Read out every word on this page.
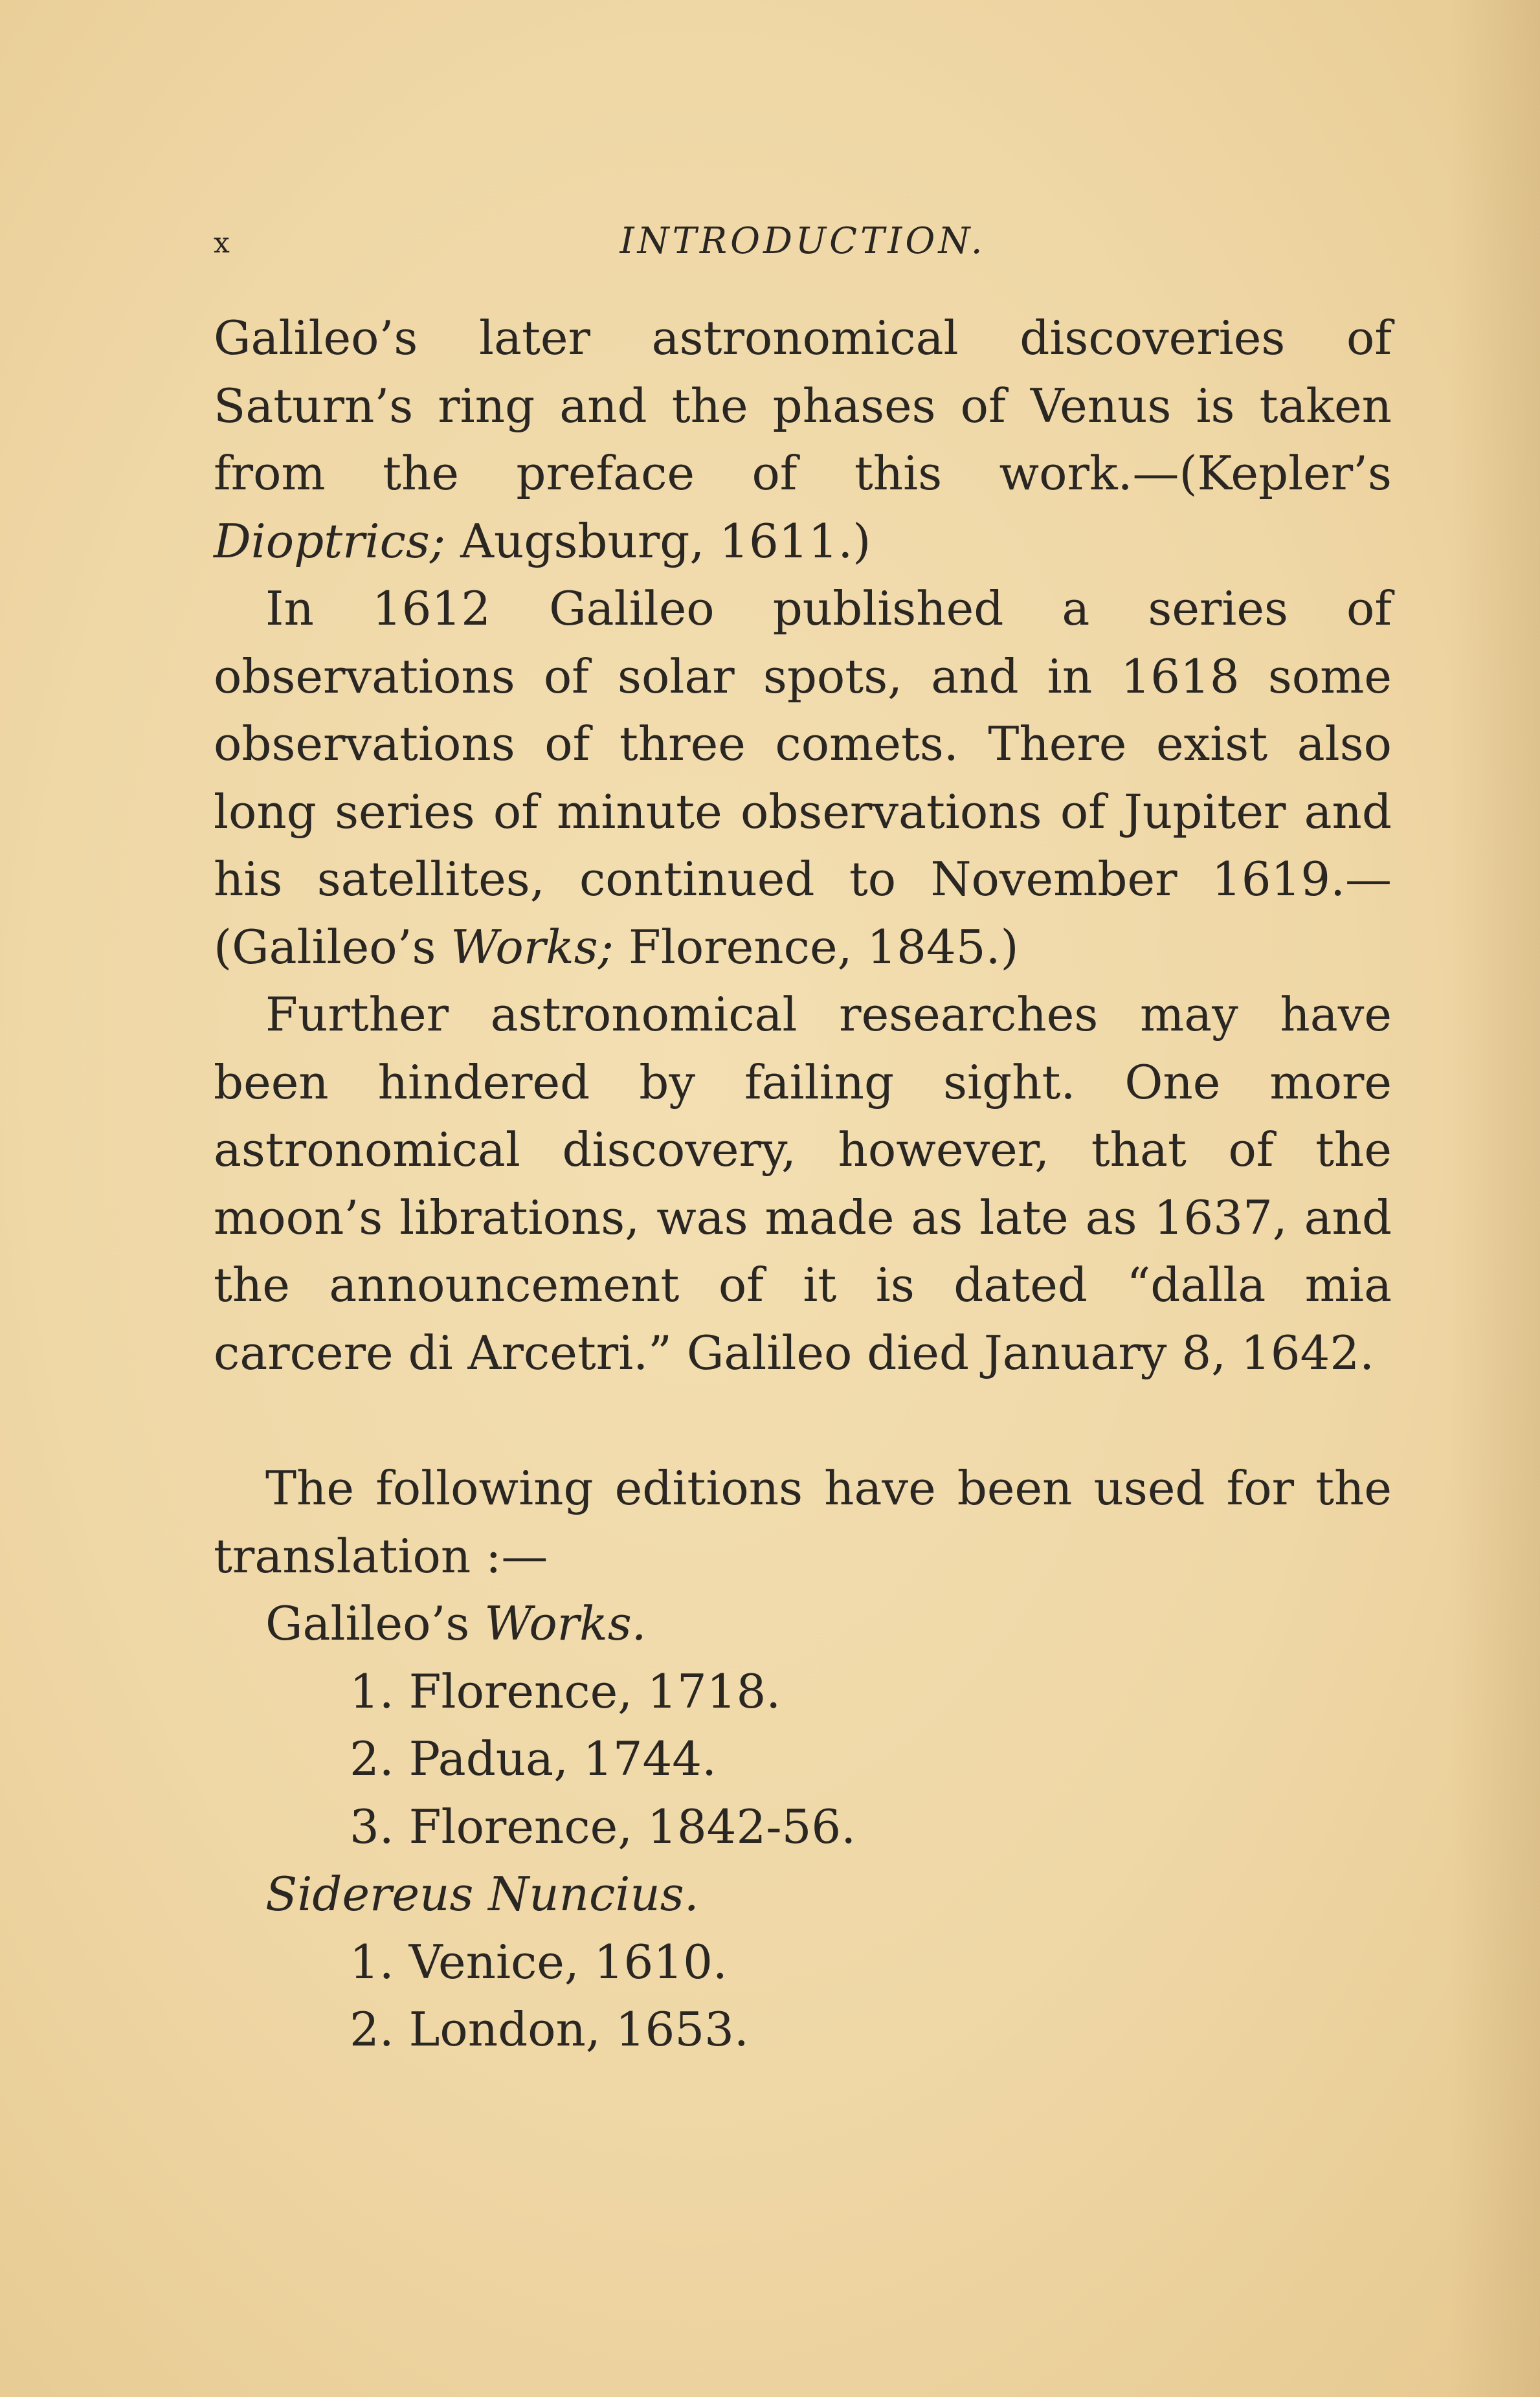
x	INTRODUCTION.

Galileo’s later astronomical discoveries of Saturn’s ring and the phases of Venus is taken from the preface of this work.—(Kepler’s Dioptrics; Augsburg, 1611.)

In 1612 Galileo published a series of observations of solar spots, and in 1618 some observations of three comets. There exist also long series of minute observations of Jupiter and his satellites, continued to November 1619.—(Galileo’s Works; Florence, 1845.)

Further astronomical researches may have been hindered by failing sight. One more astronomical discovery, however, that of the moon’s librations, was made as late as 1637, and the announcement of it is dated “dalla mia carcere di Arcetri.” Galileo died January 8, 1642.

The following editions have been used for the translation :—

Galileo’s Works.
1. Florence, 1718.
2. Padua, 1744.
3. Florence, 1842-56.
Sidereus Nuncius.
1. Venice, 1610.
2. London, 1653.
